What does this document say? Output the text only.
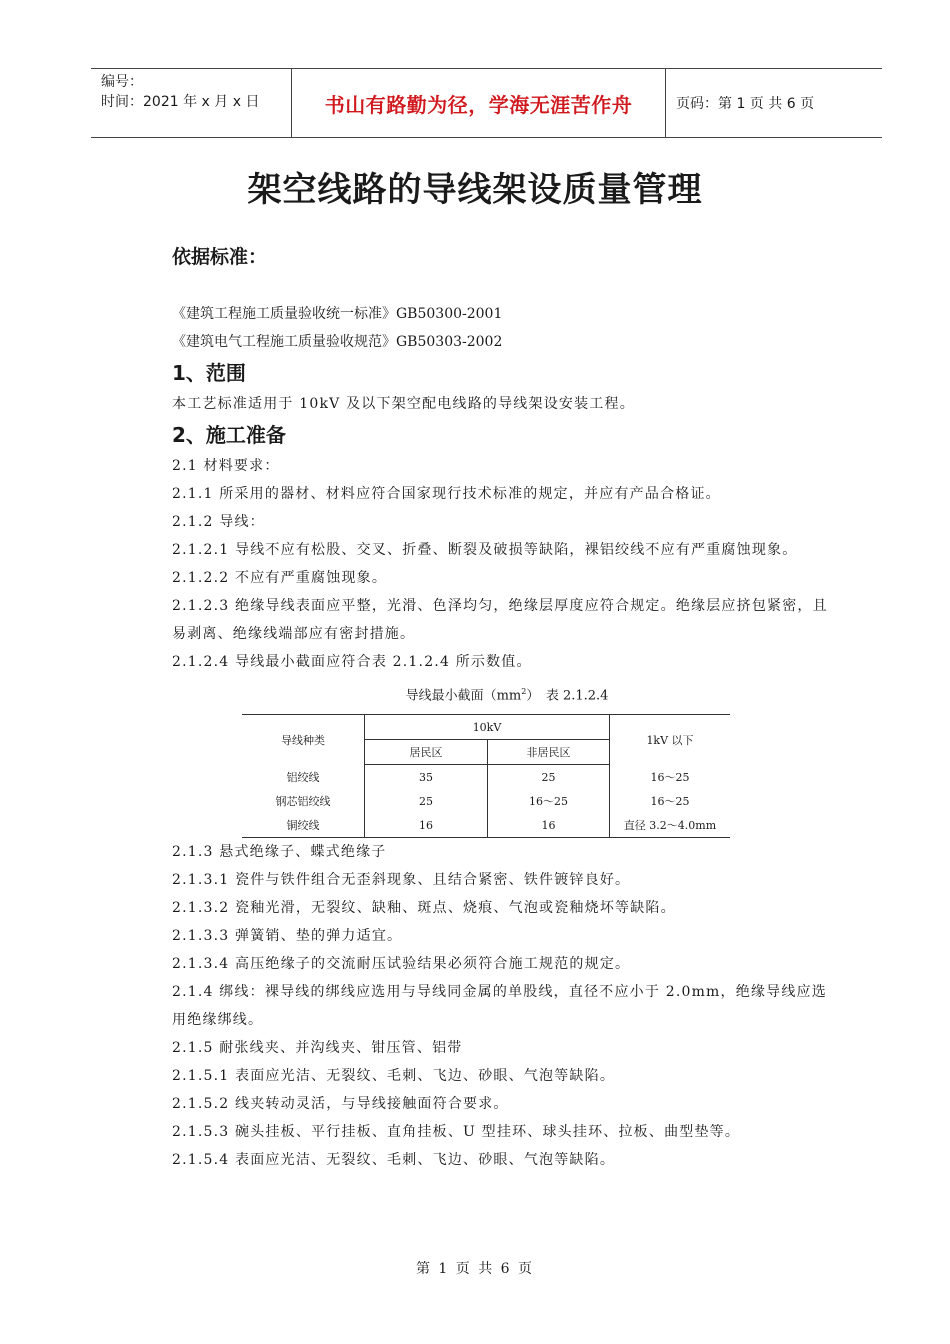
编号：
时间：2021 年 x 月 x 日	书山有路勤为径，学海无涯苦作舟	页码：第 1 页 共 6 页
架空线路的导线架设质量管理
依据标准：
《建筑工程施工质量验收统一标准》GB50300-2001
《建筑电气工程施工质量验收规范》GB50303-2002
1、范围
本工艺标准适用于 10kV 及以下架空配电线路的导线架设安装工程。
2、施工准备
2.1 材料要求：
2.1.1 所采用的器材、材料应符合国家现行技术标准的规定，并应有产品合格证。
2.1.2 导线：
2.1.2.1 导线不应有松股、交叉、折叠、断裂及破损等缺陷，裸铝绞线不应有严重腐蚀现象。
2.1.2.2 不应有严重腐蚀现象。
2.1.2.3 绝缘导线表面应平整，光滑、色泽均匀，绝缘层厚度应符合规定。绝缘层应挤包紧密，且易剥离、绝缘线端部应有密封措施。
2.1.2.4 导线最小截面应符合表 2.1.2.4 所示数值。
导线最小截面$(mm^2)$　表 2.1.2.4
导线种类	10kV		1kV 以下
	居民区	非居民区	
铝绞线	35	25	16～25
钢芯铝绞线	25	16～25	16～25
铜绞线	16	16	直径 3.2～4.0mm
2.1.3 悬式绝缘子、蝶式绝缘子
2.1.3.1 瓷件与铁件组合无歪斜现象、且结合紧密、铁件镀锌良好。
2.1.3.2 瓷釉光滑，无裂纹、缺釉、斑点、烧痕、气泡或瓷釉烧坏等缺陷。
2.1.3.3 弹簧销、垫的弹力适宜。
2.1.3.4 高压绝缘子的交流耐压试验结果必须符合施工规范的规定。
2.1.4 绑线：裸导线的绑线应选用与导线同金属的单股线，直径不应小于 2.0mm，绝缘导线应选用绝缘绑线。
2.1.5 耐张线夹、并沟线夹、钳压管、铝带
2.1.5.1 表面应光洁、无裂纹、毛刺、飞边、砂眼、气泡等缺陷。
2.1.5.2 线夹转动灵活，与导线接触面符合要求。
2.1.5.3 碗头挂板、平行挂板、直角挂板、U 型挂环、球头挂环、拉板、曲型垫等。
2.1.5.4 表面应光洁、无裂纹、毛刺、飞边、砂眼、气泡等缺陷。
第 1 页 共 6 页
